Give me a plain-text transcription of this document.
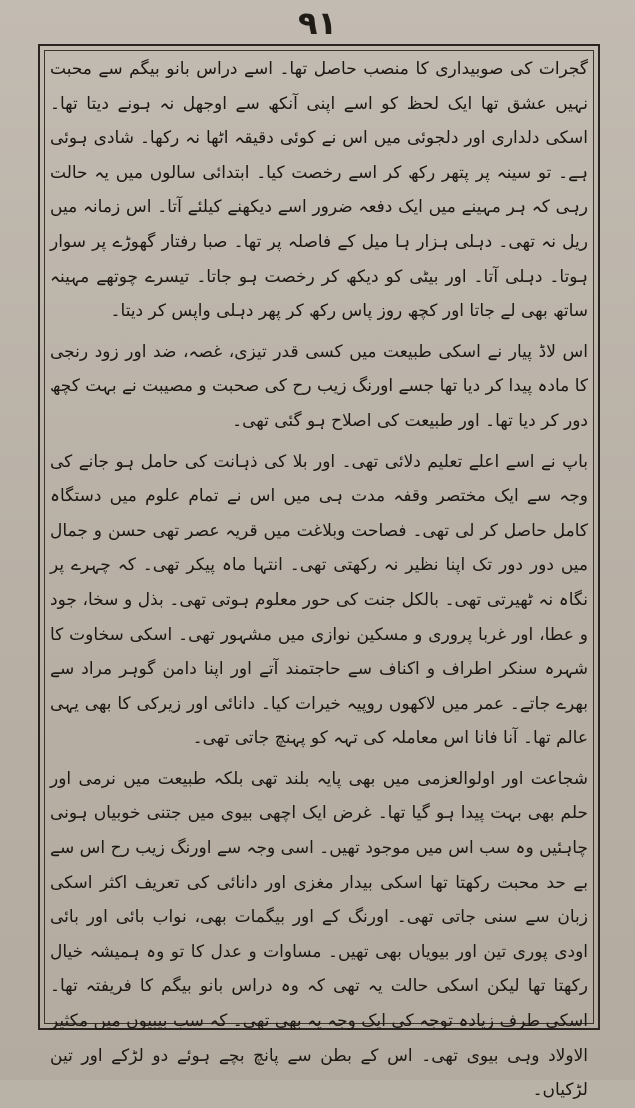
۹۱

گجرات کی صوبیداری کا منصب حاصل تھا۔ اسے دراس بانو بیگم سے محبت نہیں عشق تھا ایک لحظ کو اسے اپنی آنکھ سے اوجھل نہ ہونے دیتا تھا۔ اسکی دلداری اور دلجوئی میں اس نے کوئی دقیقہ اٹھا نہ رکھا۔ شادی ہوئی ہے۔ تو سینہ پر پتھر رکھ کر اسے رخصت کیا۔ ابتدائی سالوں میں یہ حالت رہی کہ ہر مہینے میں ایک دفعہ ضرور اسے دیکھنے کیلئے آتا۔ اس زمانہ میں ریل نہ تھی۔ دہلی ہزار ہا میل کے فاصلہ پر تھا۔ صبا رفتار گھوڑے پر سوار ہوتا۔ دہلی آتا۔ اور بیٹی کو دیکھ کر رخصت ہو جاتا۔ تیسرے چوتھے مہینہ ساتھ بھی لے جاتا اور کچھ روز پاس رکھ کر پھر دہلی واپس کر دیتا۔

اس لاڈ پیار نے اسکی طبیعت میں کسی قدر تیزی، غصہ، ضد اور زود رنجی کا مادہ پیدا کر دیا تھا جسے اورنگ زیب رح کی صحبت و مصیبت نے بہت کچھ دور کر دیا تھا۔ اور طبیعت کی اصلاح ہو گئی تھی۔

باپ نے اسے اعلے تعلیم دلائی تھی۔ اور بلا کی ذہانت کی حامل ہو جانے کی وجہ سے ایک مختصر وقفہ مدت ہی میں اس نے تمام علوم میں دستگاہ کامل حاصل کر لی تھی۔ فصاحت وبلاغت میں قریہ عصر تھی حسن و جمال میں دور دور تک اپنا نظیر نہ رکھتی تھی۔ انتہا ماہ پیکر تھی۔ کہ چہرے پر نگاہ نہ ٹھیرتی تھی۔ بالکل جنت کی حور معلوم ہوتی تھی۔ بذل و سخا، جود و عطا، اور غربا پروری و مسکین نوازی میں مشہور تھی۔ اسکی سخاوت کا شہرہ سنکر اطراف و اکناف سے حاجتمند آتے اور اپنا دامن گوہر مراد سے بھرے جاتے۔ عمر میں لاکھوں روپیہ خیرات کیا۔ دانائی اور زیرکی کا بھی یہی عالم تھا۔ آنا فانا اس معاملہ کی تہہ کو پہنچ جاتی تھی۔

شجاعت اور اولوالعزمی میں بھی پایہ بلند تھی بلکہ طبیعت میں نرمی اور حلم بھی بہت پیدا ہو گیا تھا۔ غرض ایک اچھی بیوی میں جتنی خوبیاں ہونی چاہئیں وہ سب اس میں موجود تھیں۔ اسی وجہ سے اورنگ زیب رح اس سے بے حد محبت رکھتا تھا اسکی بیدار مغزی اور دانائی کی تعریف اکثر اسکی زبان سے سنی جاتی تھی۔ اورنگ کے اور بیگمات بھی، نواب بائی اور بائی اودی پوری تین اور بیویاں بھی تھیں۔ مساوات و عدل کا تو وہ ہمیشہ خیال رکھتا تھا لیکن اسکی حالت یہ تھی کہ وہ دراس بانو بیگم کا فریفتہ تھا۔ اسکی طرف زیادہ توجہ کی ایک وجہ یہ بھی تھی۔ کہ سب بیبیوں میں مکثیر الاولاد وہی بیوی تھی۔ اس کے بطن سے پانچ بچے ہوئے دو لڑکے اور تین لڑکیاں۔
